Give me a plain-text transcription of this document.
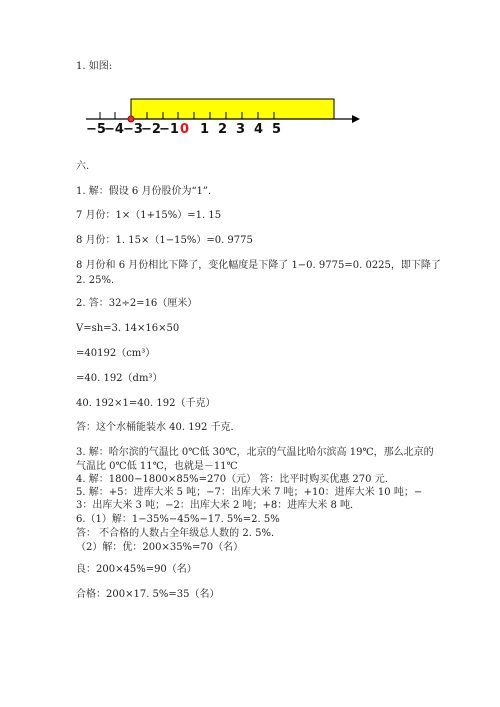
1. 如图:
−5
−4 −3
−2
−1 0 1 2 3 4 5
六.
1. 解：假设 6 月份股价为“1”．
7 月份：1×（1+15%）=1. 15
8 月份：1. 15×（1−15%）=0. 9775
8 月份和 6 月份相比下降了，变化幅度是下降了 1−0. 9775=0. 0225，即下降了
2. 25%．
2. 答：32÷2=16（厘米）
V=sh=3. 14×16×50
=40192（cm³）
=40. 192（dm³）
40. 192×1=40. 192（千克）
答：这个水桶能装水 40. 192 千克．
3. 解：哈尔滨的气温比 0℃低 30℃，北京的气温比哈尔滨高 19℃，那么北京的
气温比 0℃低 11℃，也就是－11℃
4. 解：1800−1800×85%=270（元） 答：比平时购买优惠 270 元．
5. 解：+5：进库大米 5 吨；−7：出库大米 7 吨；+10：进库大米 10 吨；−
3：出库大米 3 吨；−2：出库大米 2 吨；+8：进库大米 8 吨．
6.（1）解：1−35%−45%−17. 5%=2. 5%
答： 不合格的人数占全年级总人数的 2. 5%．
（2）解：优：200×35%=70（名）
良：200×45%=90（名）
合格：200×17. 5%=35（名）
